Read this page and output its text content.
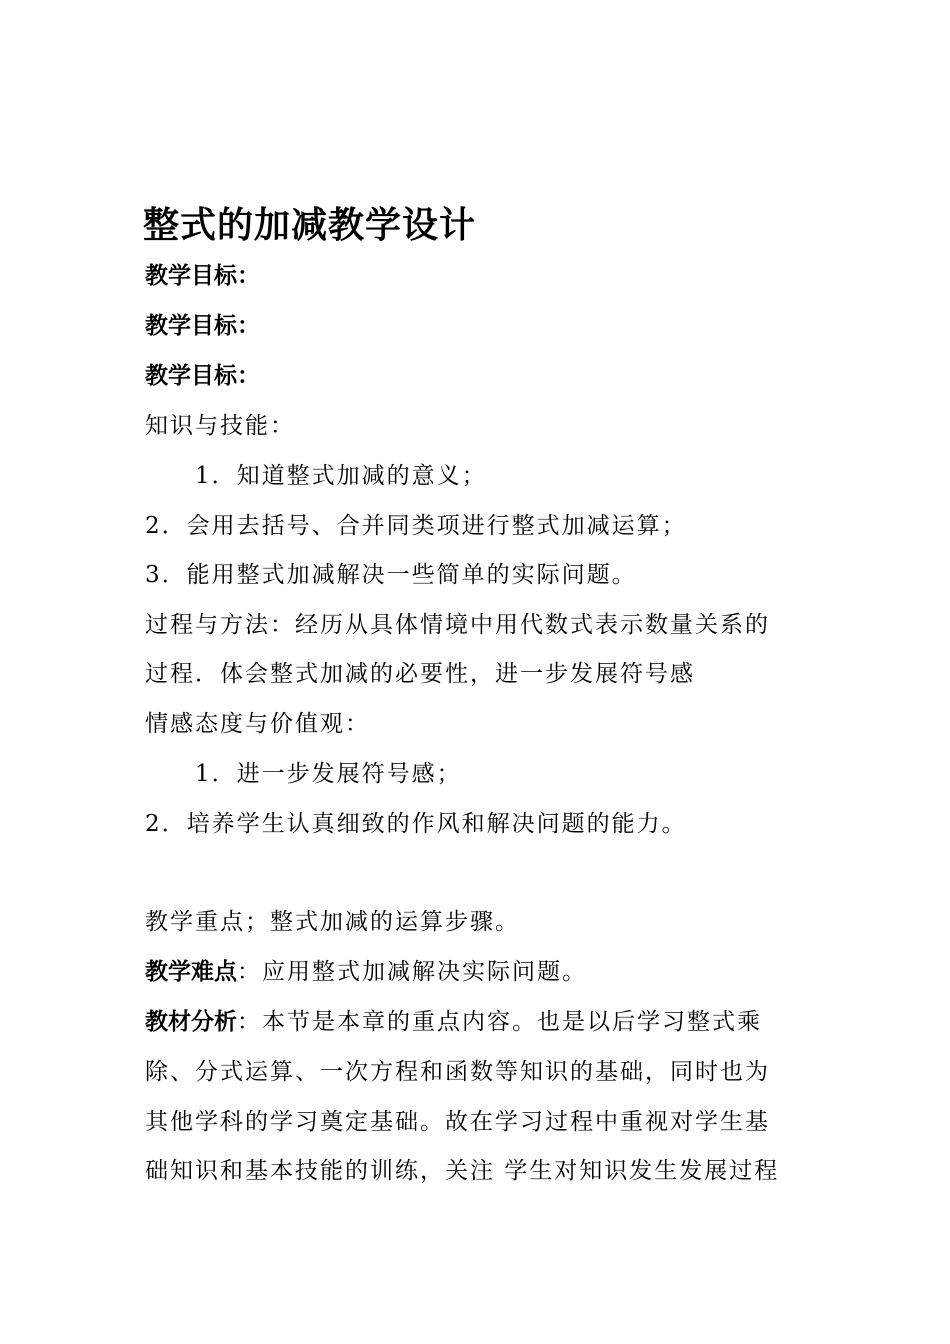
整式的加减教学设计
教学目标：
教学目标：
教学目标：
知识与技能：
1．知道整式加减的意义；
2．会用去括号、合并同类项进行整式加减运算；
3．能用整式加减解决一些简单的实际问题。
过程与方法：经历从具体情境中用代数式表示数量关系的
过程．体会整式加减的必要性，进一步发展符号感
情感态度与价值观：
1．进一步发展符号感；
2．培养学生认真细致的作风和解决问题的能力。
教学重点；整式加减的运算步骤。
教学难点：应用整式加减解决实际问题。
教材分析：本节是本章的重点内容。也是以后学习整式乘
除、分式运算、一次方程和函数等知识的基础，同时也为
其他学科的学习奠定基础。故在学习过程中重视对学生基
础知识和基本技能的训练，关注 学生对知识发生发展过程
